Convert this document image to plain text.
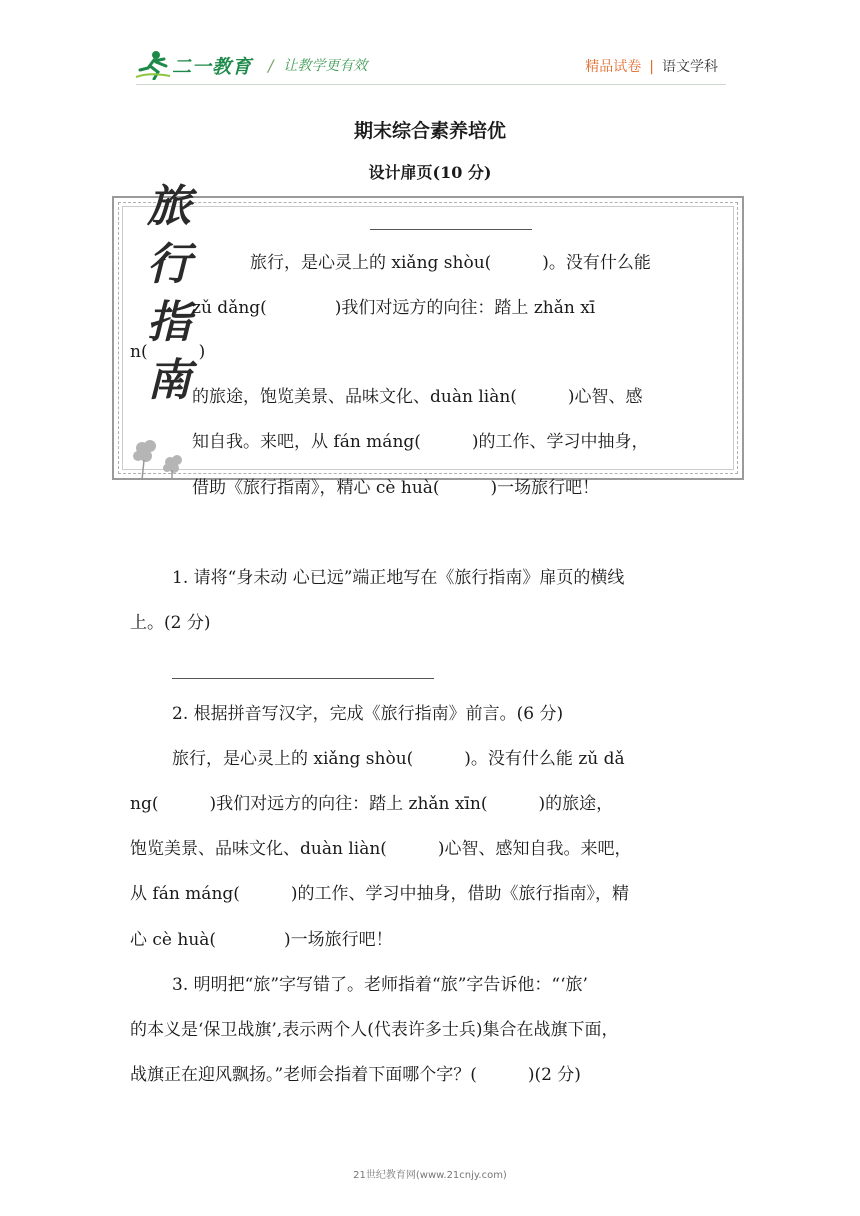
二一教育 / 让教学更有效	精品试卷 | 语文学科
期末综合素养培优
设计扉页(10 分)
旅
行
指
南
旅行，是心灵上的 xiǎng shòu(　　　)。没有什么能
zǔ dǎng(　　　　)我们对远方的向往：踏上 zhǎn xī
n(　　　)
的旅途，饱览美景、品味文化、duàn liàn(　　　)心智、感
知自我。来吧，从 fán máng(　　　)的工作、学习中抽身，
借助《旅行指南》，精心 cè huà(　　　)一场旅行吧！
1. 请将“身未动 心已远”端正地写在《旅行指南》扉页的横线
上。(2 分)
2. 根据拼音写汉字，完成《旅行指南》前言。(6 分)
旅行，是心灵上的 xiǎng shòu(　　　)。没有什么能 zǔ dǎ
ng(　　　)我们对远方的向往：踏上 zhǎn xīn(　　　)的旅途，
饱览美景、品味文化、duàn liàn(　　　)心智、感知自我。来吧，
从 fán máng(　　　)的工作、学习中抽身，借助《旅行指南》，精
心 cè huà(　　　　)一场旅行吧！
3. 明明把“旅”字写错了。老师指着“旅”字告诉他：“‘旅’
的本义是‘保卫战旗’,表示两个人(代表许多士兵)集合在战旗下面，
战旗正在迎风飘扬。”老师会指着下面哪个字？(　　　)(2 分)
21世纪教育网(www.21cnjy.com)
